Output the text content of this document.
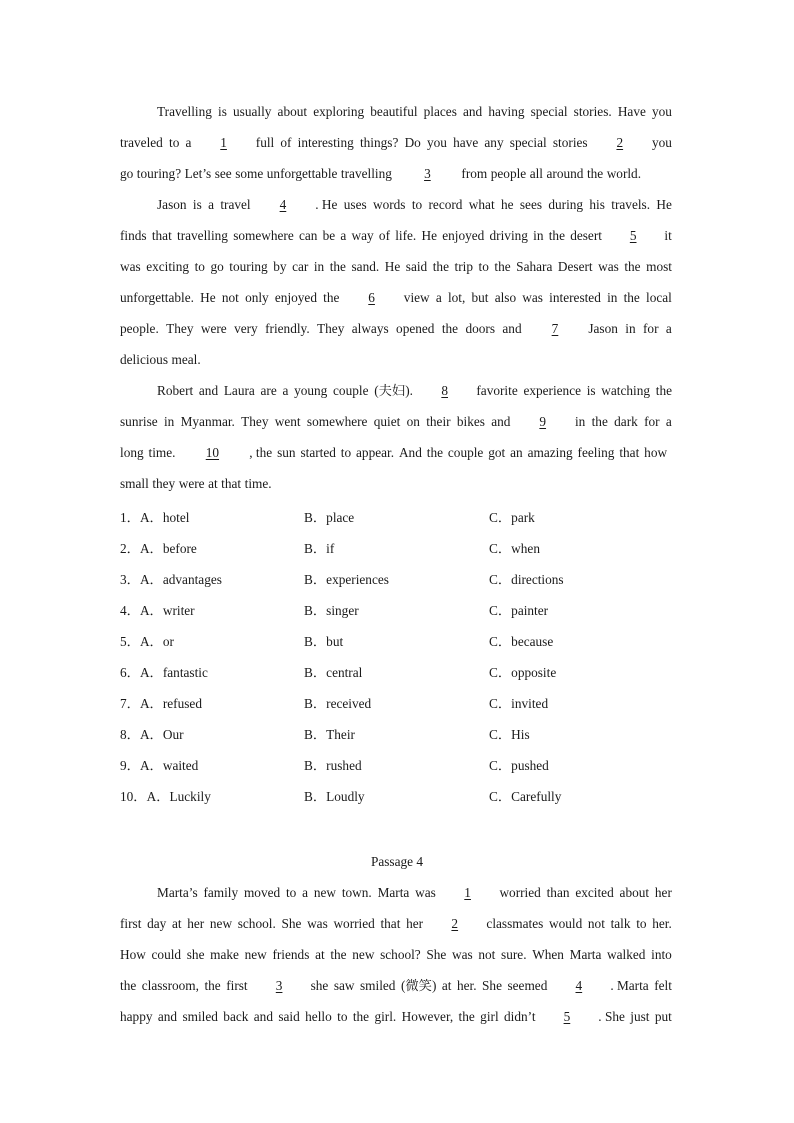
Travelling is usually about exploring beautiful places and having special stories. Have you
traveled to a	1	full of interesting things? Do you have any special stories	2	you
go touring? Let’s see some unforgettable travelling	3	from people all around the world.
Jason is a travel	4	. He uses words to record what he sees during his travels. He
finds that travelling somewhere can be a way of life. He enjoyed driving in the desert	5	it
was exciting to go touring by car in the sand. He said the trip to the Sahara Desert was the most
unforgettable. He not only enjoyed the	6	view a lot, but also was interested in the local
people. They were very friendly. They always opened the doors and	7	Jason in for a
delicious meal.
Robert and Laura are a young couple (夫妇).	8	favorite experience is watching the
sunrise in Myanmar. They went somewhere quiet on their bikes and	9	in the dark for a
long time.	10	, the sun started to appear. And the couple got an amazing feeling that how
small they were at that time.
1．A．hotel	B．place	C．park
2．A．before	B．if	C．when
3．A．advantages	B．experiences	C．directions
4．A．writer	B．singer	C．painter
5．A．or	B．but	C．because
6．A．fantastic	B．central	C．opposite
7．A．refused	B．received	C．invited
8．A．Our	B．Their	C．His
9．A．waited	B．rushed	C．pushed
10．A．Luckily	B．Loudly	C．Carefully
Passage 4
Marta’s family moved to a new town. Marta was	1	worried than excited about her
first day at her new school. She was worried that her	2	classmates would not talk to her.
How could she make new friends at the new school? She was not sure. When Marta walked into
the classroom, the first	3	she saw smiled (微笑) at her. She seemed	4	. Marta felt
happy and smiled back and said hello to the girl. However, the girl didn’t	5	. She just put
